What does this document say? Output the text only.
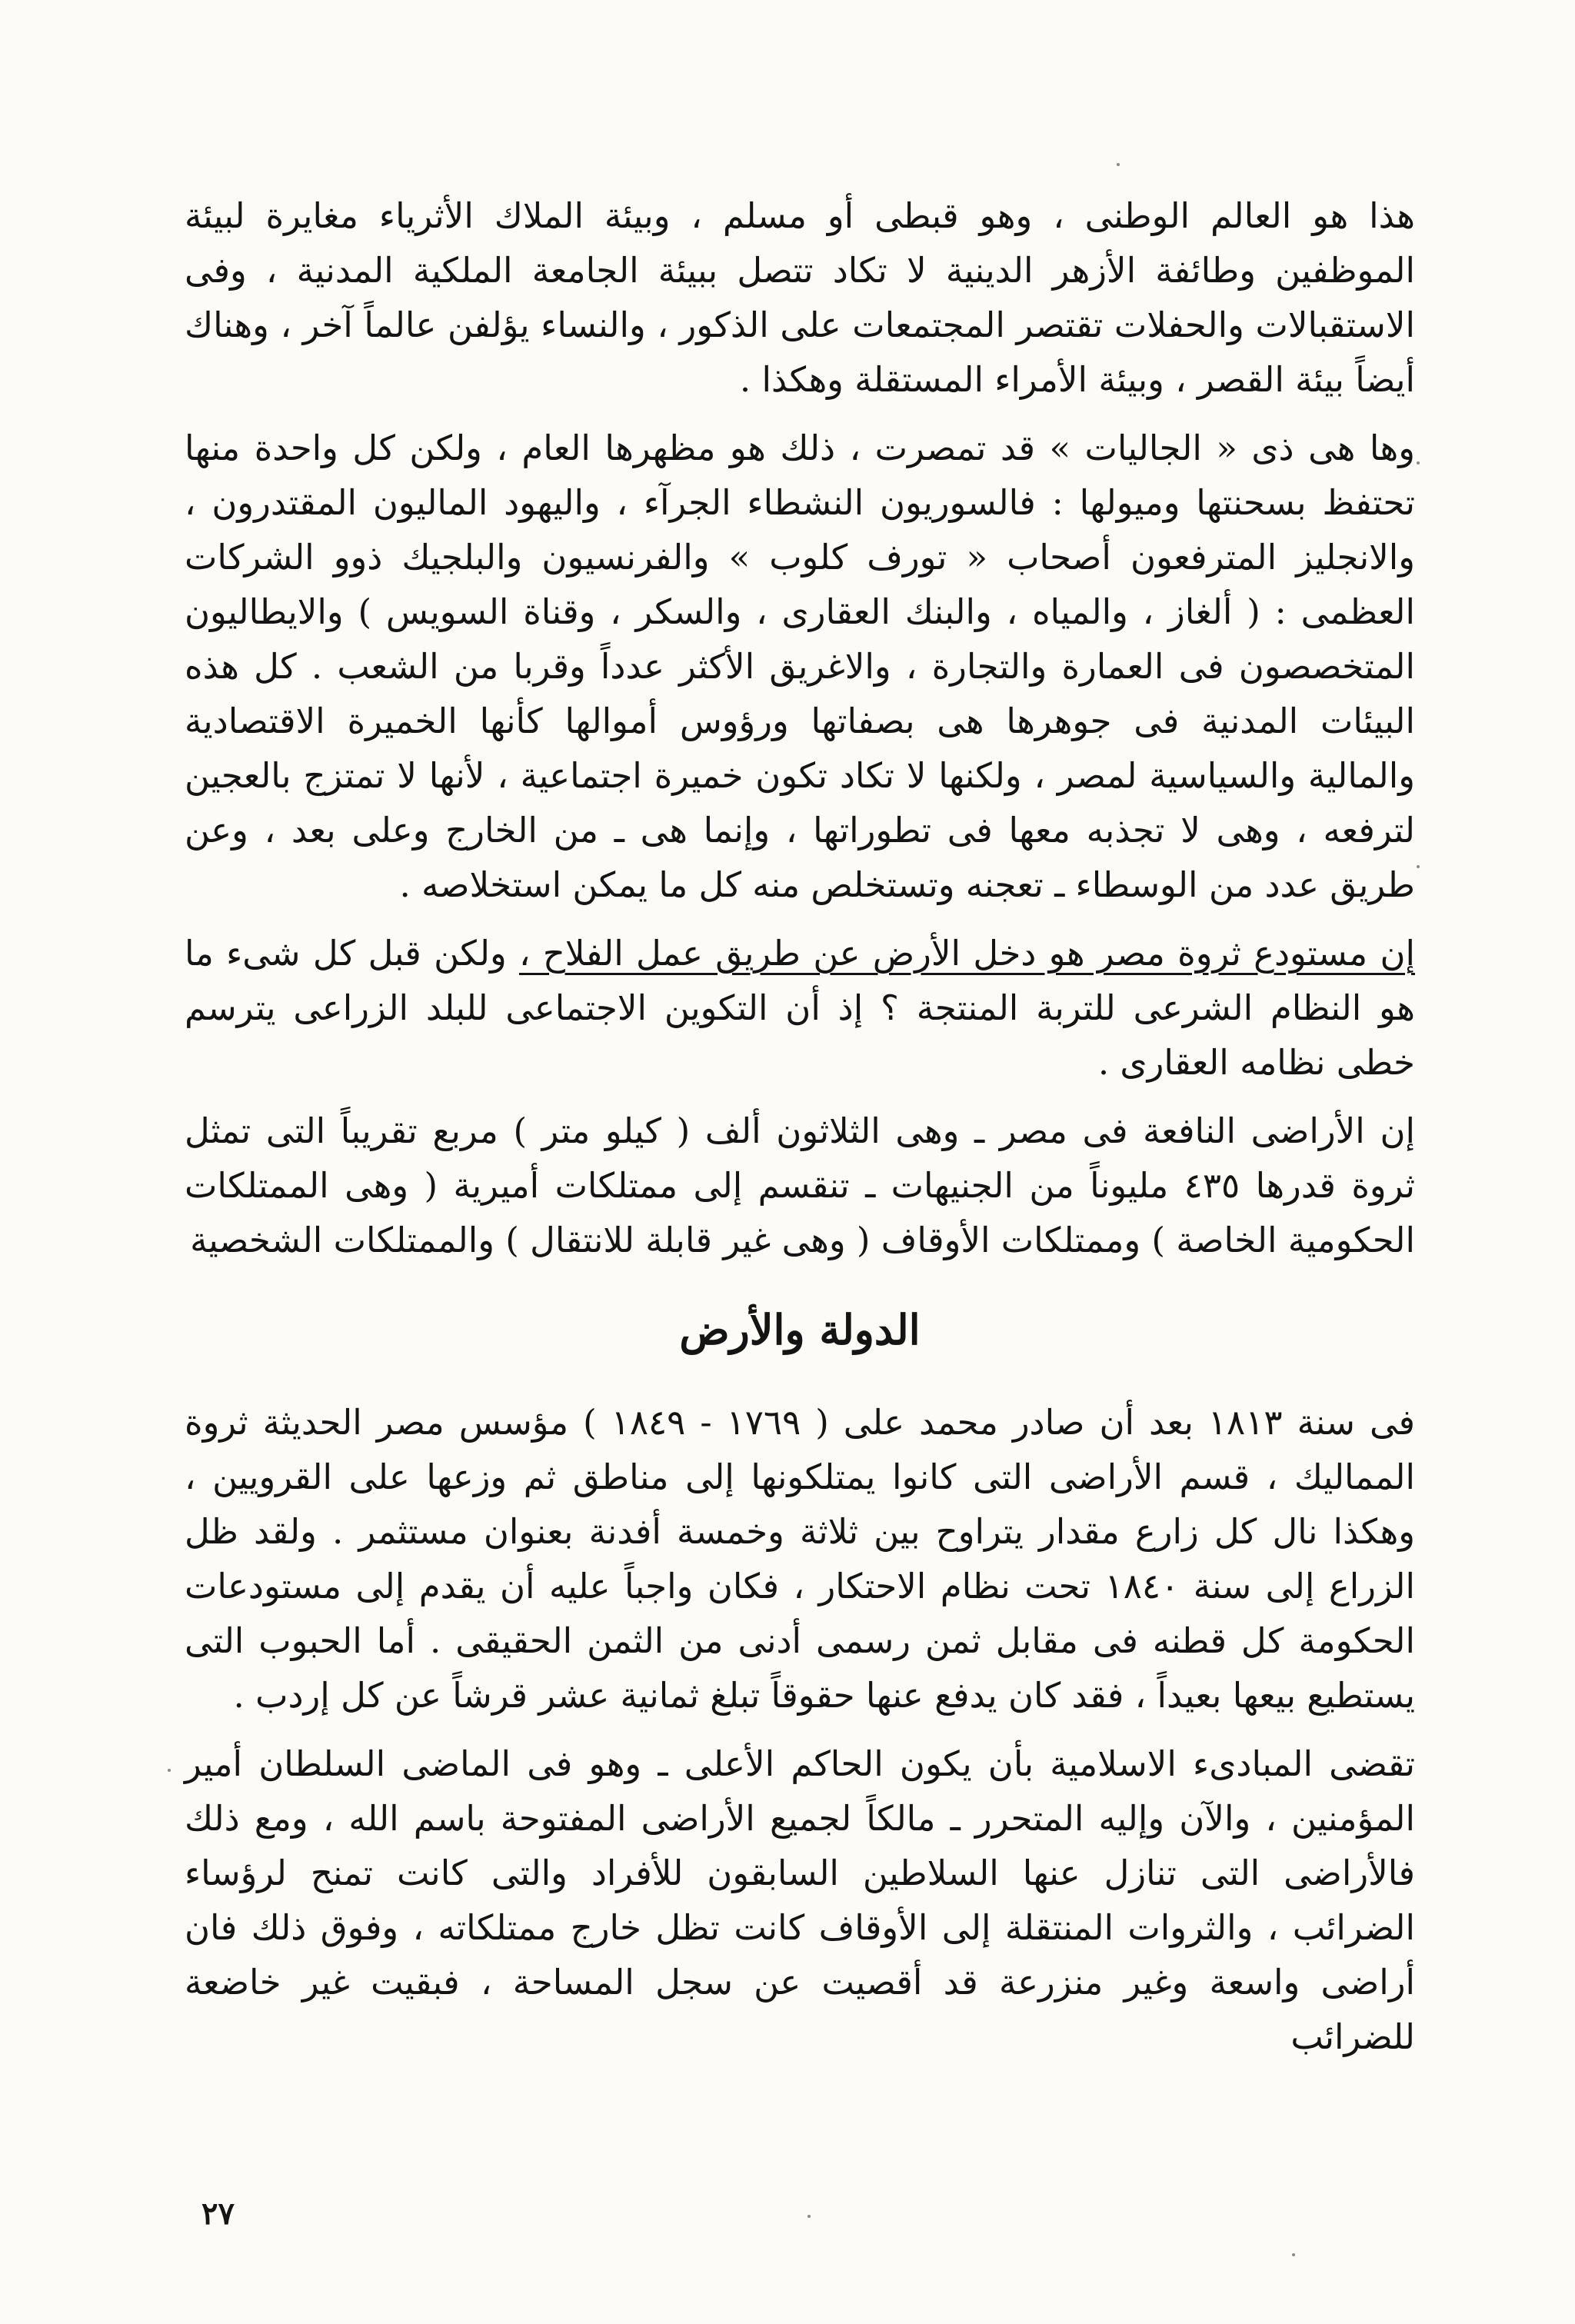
هذا هو العالم الوطنى ، وهو قبطى أو مسلم ، وبيئة الملاك الأثرياء مغايرة لبيئة الموظفين وطائفة الأزهر الدينية لا تكاد تتصل ببيئة الجامعة الملكية المدنية ، وفى الاستقبالات والحفلات تقتصر المجتمعات على الذكور ، والنساء يؤلفن عالماً آخر ، وهناك أيضاً بيئة القصر ، وبيئة الأمراء المستقلة وهكذا .

وها هى ذى « الجاليات » قد تمصرت ، ذلك هو مظهرها العام ، ولكن كل واحدة منها تحتفظ بسحنتها وميولها : فالسوريون النشطاء الجرآء ، واليهود الماليون المقتدرون ، والانجليز المترفعون أصحاب « تورف كلوب » والفرنسيون والبلجيك ذوو الشركات العظمى : ( ألغاز ، والمياه ، والبنك العقارى ، والسكر ، وقناة السويس ) والايطاليون المتخصصون فى العمارة والتجارة ، والاغريق الأكثر عدداً وقربا من الشعب . كل هذه البيئات المدنية فى جوهرها هى بصفاتها ورؤوس أموالها كأنها الخميرة الاقتصادية والمالية والسياسية لمصر ، ولكنها لا تكاد تكون خميرة اجتماعية ، لأنها لا تمتزج بالعجين لترفعه ، وهى لا تجذبه معها فى تطوراتها ، وإنما هى ـ من الخارج وعلى بعد ، وعن طريق عدد من الوسطاء ـ تعجنه وتستخلص منه كل ما يمكن استخلاصه .

إن مستودع ثروة مصر هو دخل الأرض عن طريق عمل الفلاح ، ولكن قبل كل شىء ما هو النظام الشرعى للتربة المنتجة ؟ إذ أن التكوين الاجتماعى للبلد الزراعى يترسم خطى نظامه العقارى .

إن الأراضى النافعة فى مصر ـ وهى الثلاثون ألف ( كيلو متر ) مربع تقريباً التى تمثل ثروة قدرها ٤٣٥ مليوناً من الجنيهات ـ تنقسم إلى ممتلكات أميرية ( وهى الممتلكات الحكومية الخاصة ) وممتلكات الأوقاف ( وهى غير قابلة للانتقال ) والممتلكات الشخصية

الدولة والأرض

فى سنة ١٨١٣ بعد أن صادر محمد على ( ١٧٦٩ - ١٨٤٩ ) مؤسس مصر الحديثة ثروة المماليك ، قسم الأراضى التى كانوا يمتلكونها إلى مناطق ثم وزعها على القرويين ، وهكذا نال كل زارع مقدار يتراوح بين ثلاثة وخمسة أفدنة بعنوان مستثمر . ولقد ظل الزراع إلى سنة ١٨٤٠ تحت نظام الاحتكار ، فكان واجباً عليه أن يقدم إلى مستودعات الحكومة كل قطنه فى مقابل ثمن رسمى أدنى من الثمن الحقيقى . أما الحبوب التى يستطيع بيعها بعيداً ، فقد كان يدفع عنها حقوقاً تبلغ ثمانية عشر قرشاً عن كل إردب .

تقضى المبادىء الاسلامية بأن يكون الحاكم الأعلى ـ وهو فى الماضى السلطان أمير المؤمنين ، والآن وإليه المتحرر ـ مالكاً لجميع الأراضى المفتوحة باسم الله ، ومع ذلك فالأراضى التى تنازل عنها السلاطين السابقون للأفراد والتى كانت تمنح لرؤساء الضرائب ، والثروات المنتقلة إلى الأوقاف كانت تظل خارج ممتلكاته ، وفوق ذلك فان أراضى واسعة وغير منزرعة قد أقصيت عن سجل المساحة ، فبقيت غير خاضعة للضرائب

٢٧
